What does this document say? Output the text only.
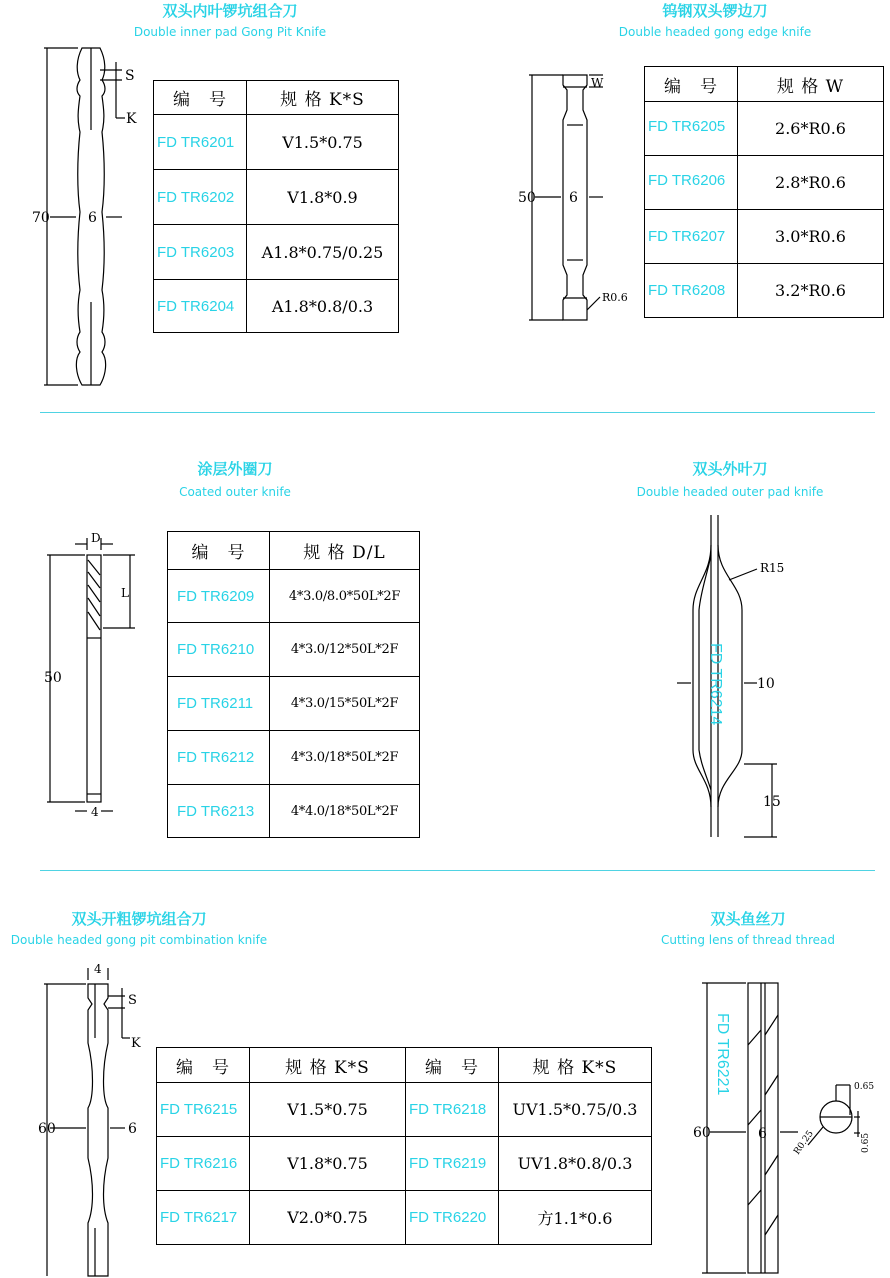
双头内叶锣坑组合刀
Double inner pad Gong Pit Knife
70	6
S
K
编　号	规 格 K*S
FD TR6201	V1.5*0.75
FD TR6202	V1.8*0.9
FD TR6203	A1.8*0.75/0.25
FD TR6204	A1.8*0.8/0.3
钨钢双头锣边刀
Double headed gong edge knife
50 6
W
R0.6
编　号	规 格 W
FD TR6205	2.6*R0.6
FD TR6206	2.8*R0.6
FD TR6207	3.0*R0.6
FD TR6208	3.2*R0.6
涂层外圈刀
Coated outer knife
D
L
50
4
编　号	规 格 D/L
FD TR6209	4*3.0/8.0*50L*2F
FD TR6210	4*3.0/12*50L*2F
FD TR6211	4*3.0/15*50L*2F
FD TR6212	4*3.0/18*50L*2F
FD TR6213	4*4.0/18*50L*2F
双头外叶刀
Double headed outer pad knife
R15
10
15
FD TR6214
双头开粗锣坑组合刀
Double headed gong pit combination knife
4
S
K
60	6
编　号	规 格 K*S	编　号	规 格 K*S
FD TR6215	V1.5*0.75	FD TR6218	UV1.5*0.75/0.3
FD TR6216	V1.8*0.75	FD TR6219	UV1.8*0.8/0.3
FD TR6217	V2.0*0.75	FD TR6220	方1.1*0.6
双头鱼丝刀
Cutting lens of thread thread
60	6
0.65
0.65
R0.25
FD TR6221
